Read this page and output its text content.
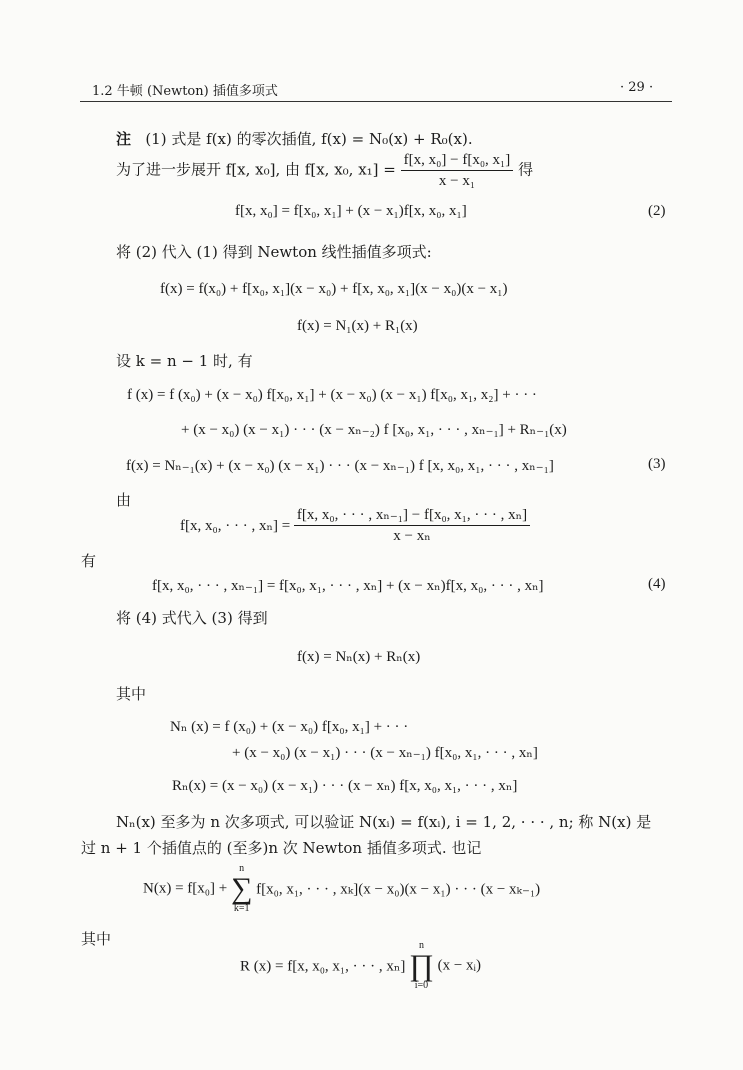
1.2 牛顿 (Newton) 插值多项式	· 29 ·
注 (1) 式是 f(x) 的零次插值, f(x) = N₀(x) + R₀(x).
为了进一步展开 f[x, x₀], 由 f[x, x₀, $x_1] = \frac{\text{f[x, x₀] − f[x₀, x₁]}}{\text{x − x₁}}$ 得
f[x, x₀] = f[x₀, x₁] + (x − x₁)f[x, x₀, x₁]	(2)
将 (2) 代入 (1) 得到 Newton 线性插值多项式:
f(x) = f(x₀) + f[x₀, x₁](x − x₀) + f[x, x₀, x₁](x − x₀)(x − x₁)
f(x) = N₁(x) + R₁(x)
设 k = n − 1 时, 有
f (x) = f (x₀) + (x − x₀) f[x₀, x₁] + (x − x₀) (x − x₁) f[x₀, x₁, x₂] + · · ·
+ (x − x₀) (x − x₁) · · · (x − xₙ₋₂) f [x₀, x₁, · · · , xₙ₋₁] + Rₙ₋₁(x)
f(x) = Nₙ₋₁(x) + (x − x₀) (x − x₁) · · · (x − xₙ₋₁) f [x, x₀, x₁, · · · , xₙ₋₁]	(3)
由
f[x, x₀, · · · , $x_n] = \frac{\text{f[x, x₀, · · · , xₙ₋₁] − f[x₀, x₁, · · · , xₙ]}}{\text{x − xₙ}}$
有
f[x, x₀, · · · , xₙ₋₁] = f[x₀, x₁, · · · , xₙ] + (x − xₙ)f[x, x₀, · · · , xₙ]	(4)
将 (4) 式代入 (3) 得到
f(x) = Nₙ(x) + Rₙ(x)
其中
Nₙ (x) = f (x₀) + (x − x₀) f[x₀, x₁] + · · ·
+ (x − x₀) (x − x₁) · · · (x − xₙ₋₁) f[x₀, x₁, · · · , xₙ]
Rₙ(x) = (x − x₀) (x − x₁) · · · (x − xₙ) f[x, x₀, x₁, · · · , xₙ]
Nₙ(x) 至多为 n 次多项式, 可以验证 N(xᵢ) = f(xᵢ), i = 1, 2, · · · , n; 称 N(x) 是
过 n + 1 个插值点的 (至多)n 次 Newton 插值多项式. 也记
N(x) = f[x₀] +
n
∑
k=1
f[x₀, x₁, · · · , xₖ](x − x₀)(x − x₁) · · · (x − xₖ₋₁)
其中
R (x) = f[x, x₀, x₁, · · · , xₙ]
n
∏
i=0
(x − xᵢ)
